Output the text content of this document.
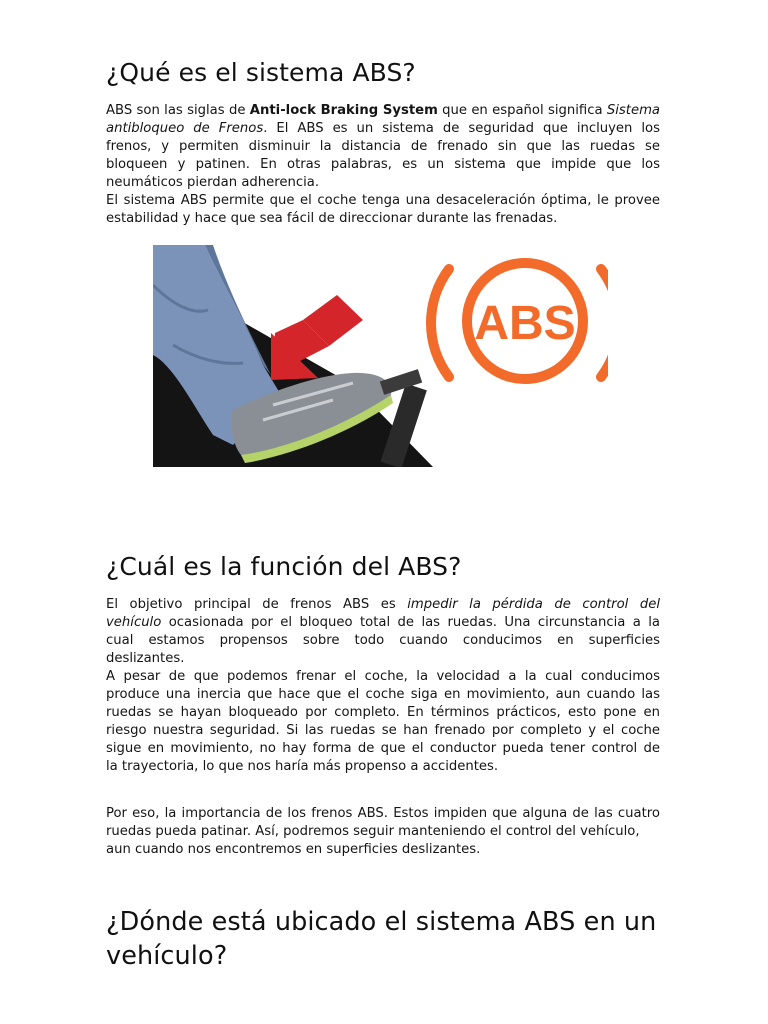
¿Qué es el sistema ABS?
ABS son las siglas de Anti-lock Braking System que en español significa Sistema
antibloqueo de Frenos. El ABS es un sistema de seguridad que incluyen los
frenos, y permiten disminuir la distancia de frenado sin que las ruedas se
bloqueen y patinen. En otras palabras, es un sistema que impide que los
neumáticos pierdan adherencia.
El sistema ABS permite que el coche tenga una desaceleración óptima, le provee
estabilidad y hace que sea fácil de direccionar durante las frenadas.
ABS
¿Cuál es la función del ABS?
El objetivo principal de frenos ABS es impedir la pérdida de control del
vehículo ocasionada por el bloqueo total de las ruedas. Una circunstancia a la
cual estamos propensos sobre todo cuando conducimos en superficies
deslizantes.
A pesar de que podemos frenar el coche, la velocidad a la cual conducimos
produce una inercia que hace que el coche siga en movimiento, aun cuando las
ruedas se hayan bloqueado por completo. En términos prácticos, esto pone en
riesgo nuestra seguridad. Si las ruedas se han frenado por completo y el coche
sigue en movimiento, no hay forma de que el conductor pueda tener control de
la trayectoria, lo que nos haría más propenso a accidentes.
Por eso, la importancia de los frenos ABS. Estos impiden que alguna de las cuatro
ruedas pueda patinar. Así, podremos seguir manteniendo el control del vehículo,
aun cuando nos encontremos en superficies deslizantes.
¿Dónde está ubicado el sistema ABS en un
vehículo?
